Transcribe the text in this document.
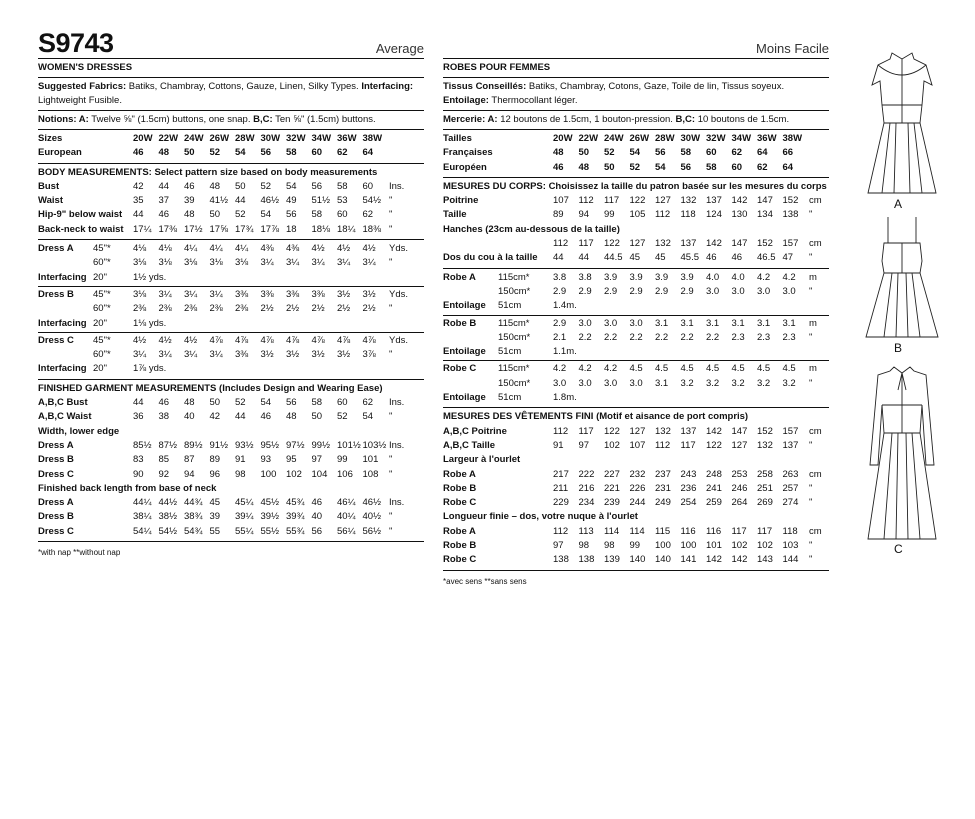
S9743	Average
WOMEN'S DRESSES
Suggested Fabrics: Batiks, Chambray, Cottons, Gauze, Linen, Silky Types. Interfacing: Lightweight Fusible.
Notions: A: Twelve ⅝" (1.5cm) buttons, one snap. B,C: Ten ⅝" (1.5cm) buttons.
Sizes	20W 22W 24W 26W 28W 30W 32W 34W 36W 38W
European	46	48	50	52	54	56	58	60	62	64
BODY MEASUREMENTS: Select pattern size based on body measurements
Bust	42	44	46	48	50	52	54	56	58	60	Ins.
Waist	35	37	39	41½ 44	46½ 49	51½ 53	54½ "
Hip-9" below waist	44	46	48	50	52	54	56	58	60	62	"
Back-neck to waist 17¼ 17⅜ 17½ 17⅝ 17¾ 17⅞ 18	18⅛ 18¼ 18⅜ "
Dress A	45"*	4⅛	4⅛	4¼	4¼	4¼	4⅜	4⅜	4½	4½	4½	Yds.
60"*	3⅛	3⅛	3⅛	3⅛	3⅛	3¼	3¼	3¼	3¼	3¼	"
Interfacing 20"	1½ yds.
Dress B	45"*	3⅛	3¼	3¼	3¼	3⅜	3⅜	3⅜	3⅜	3½	3½	Yds.
60"*	2⅜	2⅜	2⅜	2⅜	2⅜	2½	2½	2½	2½	2½	"
Interfacing 20"	1⅛ yds.
Dress C	45"*	4½	4½	4½	4⅞	4⅞	4⅞	4⅞	4⅞	4⅞	4⅞	Yds.
60"*	3¼	3¼	3¼	3¼	3⅜	3½	3½	3½	3½	3⅞	"
Interfacing 20"	1⅞ yds.
FINISHED GARMENT MEASUREMENTS (Includes Design and Wearing Ease)
A,B,C Bust	44	46	48	50	52	54	56	58	60	62	Ins.
A,B,C Waist	36	38	40	42	44	46	48	50	52	54	"
Width, lower edge
Dress A	85½ 87½ 89½ 91½ 93½ 95½ 97½ 99½ 101½ 103½ Ins.
Dress B	83	85	87	89	91	93	95	97	99	101	"
Dress C	90	92	94	96	98	100	102	104	106	108	"
Finished back length from base of neck
Dress A	44¼ 44½ 44¾ 45	45¼ 45½ 45¾ 46	46¼ 46½ Ins.
Dress B	38¼ 38½ 38¾ 39	39¼ 39½ 39¾ 40	40¼ 40½ "
Dress C	54¼ 54½ 54¾ 55	55¼ 55½ 55¾ 56	56¼ 56½ "
*with nap **without nap
Moins Facile
ROBES POUR FEMMES
Tissus Conseillés: Batiks, Chambray, Cotons, Gaze, Toile de lin, Tissus soyeux. Entoilage: Thermocollant léger.
Mercerie: A: 12 boutons de 1.5cm, 1 bouton-pression. B,C: 10 boutons de 1.5cm.
Tailles	20W 22W 24W 26W 28W 30W 32W 34W 36W 38W
Françaises	48	50	52	54	56	58	60	62	64	66
Européen	46	48	50	52	54	56	58	60	62	64
MESURES DU CORPS: Choisissez la taille du patron basée sur les mesures du corps
Poitrine	107	112	117	122	127	132	137	142	147	152	cm
Taille	89	94	99	105	112	118	124	130	134	138	"
Hanches (23cm au-dessous de la taille)
112	117	122	127	132	137	142	147	152	157	cm
Dos du cou à la taille	44	44	44.5 45	45	45.5 46	46	46.5 47	"
Robe A	115cm*	3.8	3.8	3.9	3.9	3.9	3.9	4.0	4.0	4.2	4.2	m
150cm*	2.9	2.9	2.9	2.9	2.9	2.9	3.0	3.0	3.0	3.0	"
Entoilage	51cm	1.4m.
Robe B	115cm*	2.9	3.0	3.0	3.0	3.1	3.1	3.1	3.1	3.1	3.1	m
150cm*	2.1	2.2	2.2	2.2	2.2	2.2	2.2	2.3	2.3	2.3	"
Entoilage	51cm	1.1m.
Robe C	115cm*	4.2	4.2	4.2	4.5	4.5	4.5	4.5	4.5	4.5	4.5	m
150cm*	3.0	3.0	3.0	3.0	3.1	3.2	3.2	3.2	3.2	3.2	"
Entoilage	51cm	1.8m.
MESURES DES VÊTEMENTS FINI (Motif et aisance de port compris)
A,B,C Poitrine	112	117	122	127	132	137	142	147	152	157	cm
A,B,C Taille	91	97	102	107	112	117	122	127	132	137	"
Largeur à l'ourlet
Robe A	217	222	227	232	237	243	248	253	258	263	cm
Robe B	211	216	221	226	231	236	241	246	251	257	"
Robe C	229	234	239	244	249	254	259	264	269	274	"
Longueur finie – dos, votre nuque à l'ourlet
Robe A	112	113	114	114	115	116	116	117	117	118	cm
Robe B	97	98	98	99	100	100	101	102	102	103	"
Robe C	138	138	139	140	140	141	142	142	143	144	"
*avec sens **sans sens
A
B
C
